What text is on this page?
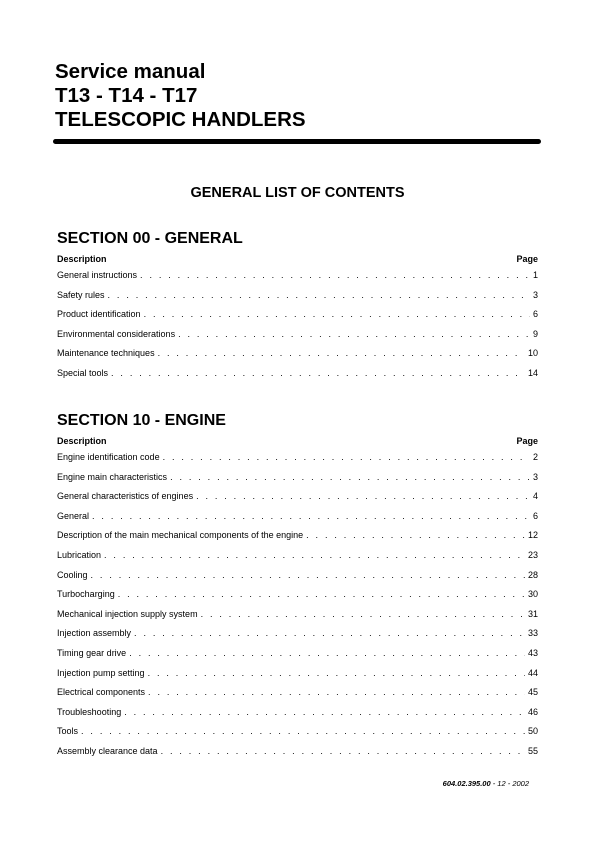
Service manual
T13 - T14 - T17
TELESCOPIC HANDLERS
GENERAL LIST OF CONTENTS
SECTION 00 - GENERAL
Description	Page
General instructions . . .	1
Safety rules . . .	3
Product identification . . .	6
Environmental considerations . . .	9
Maintenance techniques . . .	10
Special tools . . .	14
SECTION 10 - ENGINE
Description	Page
Engine identification code . . .	2
Engine main characteristics . . .	3
General characteristics of engines . . .	4
General . . .	6
Description of the main mechanical components of the engine . . .	12
Lubrication . . .	23
Cooling . . .	28
Turbocharging . . .	30
Mechanical injection supply system . . .	31
Injection assembly . . .	33
Timing gear drive . . .	43
Injection pump setting . . .	44
Electrical components . . .	45
Troubleshooting . . .	46
Tools . . .	50
Assembly clearance data . . .	55
604.02.395.00 - 12 - 2002
